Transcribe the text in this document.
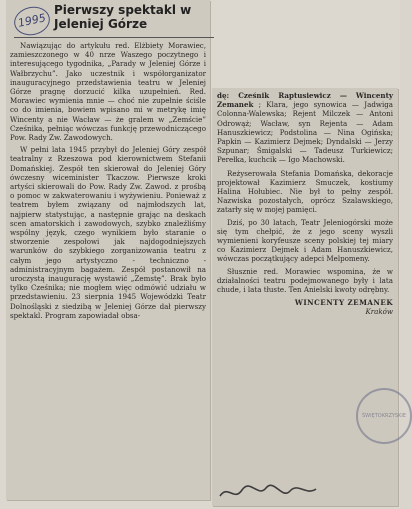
1995
Pierwszy spektakl w Jeleniej Górze

Nawiązując do artykułu red. Elżbiety Morawiec, zamieszczonego w 40 nrze Waszego poczytnego i interesującego tygodnika, „Parady w Jeleniej Górze i Wałbrzychu”. Jako uczestnik i współorganizator inauguracyjnego przedstawienia teatru w Jeleniej Górze pragnę dorzucić kilka uzupełnień. Red. Morawiec wymienia mnie — choć nie zupełnie ściśle co do imienia, bowiem wpisano mi w metrykę imię Wincenty a nie Wacław — że gralem w „Zemście” Cześnika, pełniąc wówczas funkcję przewodniczącego Pow. Rady Zw. Zawodowych.

W pełni lata 1945 przybył do Jeleniej Góry zespół teatralny z Rzeszowa pod kierownictwem Stefanii Domańskiej. Zespół ten skierował do Jeleniej Góry ówczesny wiceminister Tkaczow. Pierwsze kroki artyści skierowali do Pow. Rady Zw. Zawod. z prośbą o pomoc w zakwaterowaniu i wyżywieniu. Ponieważ z teatrem byłem związany od najmłodszych lat, najpierw statystując, a następnie grając na deskach scen amatorskich i zawodowych, szybko znaleźliśmy wspólny język, czego wynikiem było staranie o stworzenie zespołowi jak najdogodniejszych warunków do szybkiego zorganizowania teatru z całym jego artystyczno - techniczno - administracyjnym bagażem. Zespół postanowił na uroczystą inaugurację wystawić „Zemstę”. Brak było tylko Cześnika; nie mogłem więc odmówić udziału w przedstawieniu. 23 sierpnia 1945 Wojewódzki Teatr Dolnośląski z siedzibą w Jeleniej Górze dał pierwszy spektakl. Program zapowiadał obsa-

dę: Cześnik Raptusiewicz — Wincenty Zemanek ; Klara, jego synowica — Jadwiga Colonna-Walewska; Rejent Milczek — Antoni Odrowąż; Wacław, syn Rejenta — Adam Hanuszkiewicz; Podstolina — Nina Ogińska; Papkin — Kazimierz Dejmek; Dyndalski — Jerzy Szpunar; Śmigalski — Tadeusz Turkiewicz; Perełka, kuchcik — Igo Machowski.

Reżyserowała Stefania Domańska, dekoracje projektował Kazimierz Smuczek, kostiumy Halina Hołubiec. Nie był to pełny zespół. Nazwiska pozostałych, oprócz Szalawskiego, zatarły się w mojej pamięci.

Dziś, po 30 latach, Teatr Jeleniogórski może się tym chełpić, że z jego sceny wyszli wymienieni koryfeusze sceny polskiej tej miary co Kazimierz Dejmek i Adam Hanuszkiewicz, wówczas początkujący adepci Melpomeny.

Słusznie red. Morawiec wspomina, że w działalności teatru podejmowanego były i lata chude, i lata tłuste. Ten Anielski kwoty odrębny.

WINCENTY ZEMANEK
Kraków

ŚWIĘTOKRZYSKIE
